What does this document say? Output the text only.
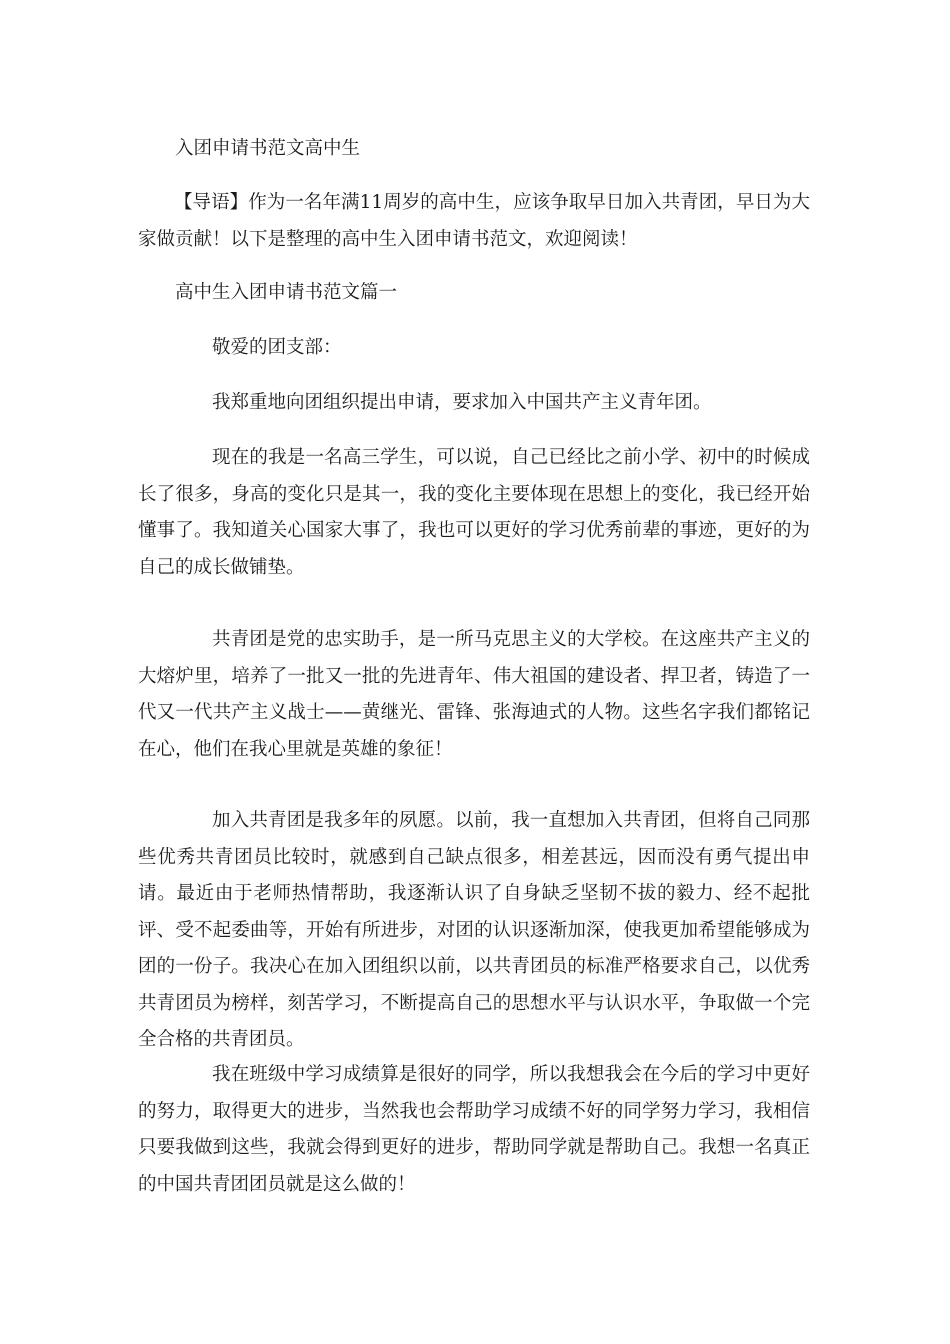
入团申请书范文高中生

【导语】作为一名年满11周岁的高中生，应该争取早日加入共青团，早日为大家做贡献！以下是整理的高中生入团申请书范文，欢迎阅读！

高中生入团申请书范文篇一

敬爱的团支部：

我郑重地向团组织提出申请，要求加入中国共产主义青年团。

现在的我是一名高三学生，可以说，自己已经比之前小学、初中的时候成长了很多，身高的变化只是其一，我的变化主要体现在思想上的变化，我已经开始懂事了。我知道关心国家大事了，我也可以更好的学习优秀前辈的事迹，更好的为自己的成长做铺垫。

共青团是党的忠实助手，是一所马克思主义的大学校。在这座共产主义的大熔炉里，培养了一批又一批的先进青年、伟大祖国的建设者、捍卫者，铸造了一代又一代共产主义战士——黄继光、雷锋、张海迪式的人物。这些名字我们都铭记在心，他们在我心里就是英雄的象征！

加入共青团是我多年的夙愿。以前，我一直想加入共青团，但将自己同那些优秀共青团员比较时，就感到自己缺点很多，相差甚远，因而没有勇气提出申请。最近由于老师热情帮助，我逐渐认识了自身缺乏坚韧不拔的毅力、经不起批评、受不起委曲等，开始有所进步，对团的认识逐渐加深，使我更加希望能够成为团的一份子。我决心在加入团组织以前，以共青团员的标准严格要求自己，以优秀共青团员为榜样，刻苦学习，不断提高自己的思想水平与认识水平，争取做一个完全合格的共青团员。

我在班级中学习成绩算是很好的同学，所以我想我会在今后的学习中更好的努力，取得更大的进步，当然我也会帮助学习成绩不好的同学努力学习，我相信只要我做到这些，我就会得到更好的进步，帮助同学就是帮助自己。我想一名真正的中国共青团团员就是这么做的！
